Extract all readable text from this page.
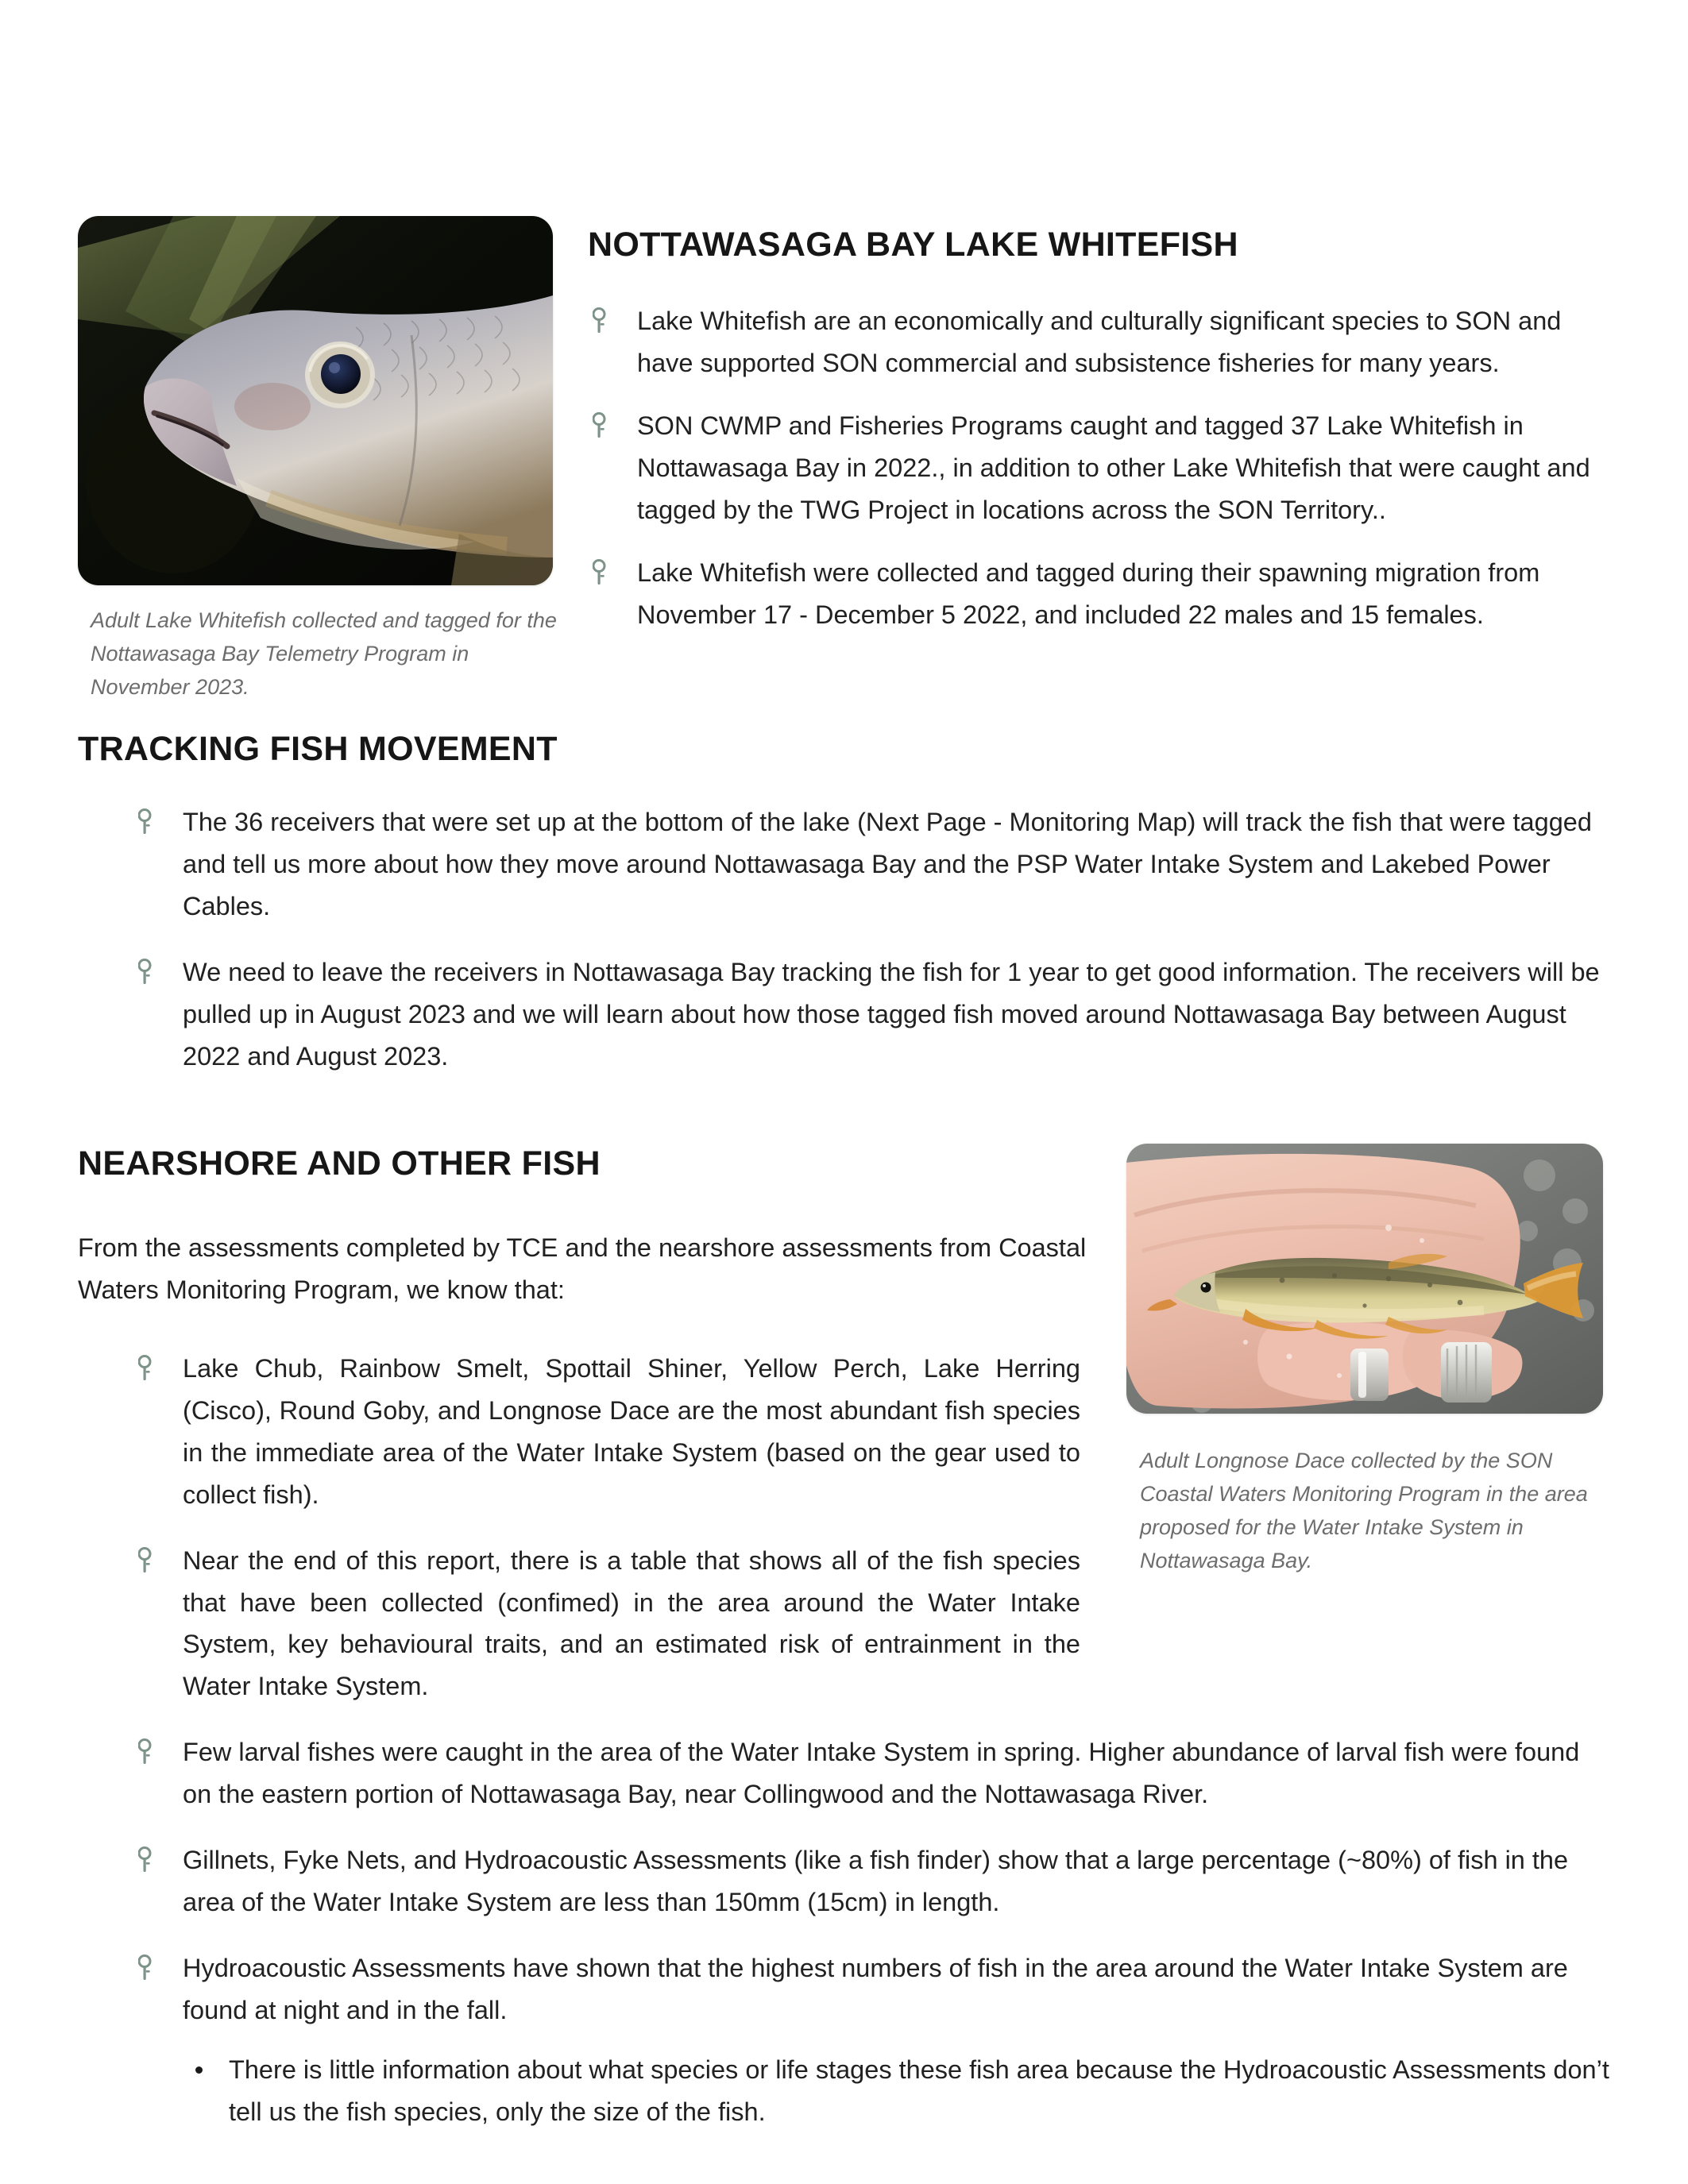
Adult Lake Whitefish collected and tagged for the Nottawasaga Bay Telemetry Program in November 2023.
NOTTAWASAGA BAY LAKE WHITEFISH
Lake Whitefish are an economically and culturally significant species to SON and have supported SON commercial and subsistence fisheries for many years.
SON CWMP and Fisheries Programs caught and tagged 37 Lake Whitefish in Nottawasaga Bay in 2022., in addition to other Lake Whitefish that were caught and tagged by the TWG Project in locations across the SON Territory..
Lake Whitefish were collected and tagged during their spawning migration from November 17 - December 5 2022, and included 22 males and 15 females.
TRACKING FISH MOVEMENT
The 36 receivers that were set up at the bottom of the lake (Next Page - Monitoring Map) will track the fish that were tagged and tell us more about how they move around Nottawasaga Bay and the PSP Water Intake System and Lakebed Power Cables.
We need to leave the receivers in Nottawasaga Bay tracking the fish for 1 year to get good information. The receivers will be pulled up in August 2023 and we will learn about how those tagged fish moved around Nottawasaga Bay between August 2022 and August 2023.
Adult Longnose Dace collected by the SON Coastal Waters Monitoring Program in the area proposed for the Water Intake System in Nottawasaga Bay.
NEARSHORE AND OTHER FISH
From the assessments completed by TCE and the nearshore assessments from Coastal Waters Monitoring Program, we know that:
Lake Chub, Rainbow Smelt, Spottail Shiner, Yellow Perch, Lake Herring (Cisco), Round Goby, and Longnose Dace are the most abundant fish species in the immediate area of the Water Intake System (based on the gear used to collect fish).
Near the end of this report, there is a table that shows all of the fish species that have been collected (confimed) in the area around the Water Intake System, key behavioural traits, and an estimated risk of entrainment in the Water Intake System.
Few larval fishes were caught in the area of the Water Intake System in spring. Higher abundance of larval fish were found on the eastern portion of Nottawasaga Bay, near Collingwood and the Nottawasaga River.
Gillnets, Fyke Nets, and Hydroacoustic Assessments (like a fish finder) show that a large percentage (~80%) of fish in the area of the Water Intake System are less than 150mm (15cm) in length.
Hydroacoustic Assessments have shown that the highest numbers of fish in the area around the Water Intake System are found at night and in the fall.
There is little information about what species or life stages these fish area because the Hydroacoustic Assessments don’t tell us the fish species, only the size of the fish.
